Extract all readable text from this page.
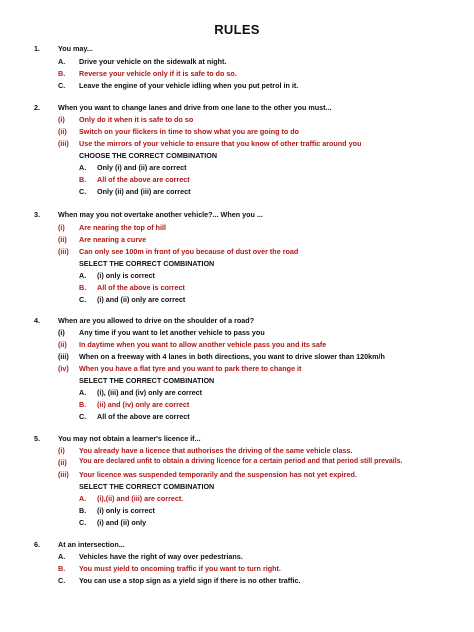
RULES
1.	You may...
A. Drive your vehicle on the sidewalk at night.
B. Reverse your vehicle only if it is safe to do so.
C. Leave the engine of your vehicle idling when you put petrol in it.
2.	When you want to change lanes and drive from one lane to the other you must...
(i) Only do it when it is safe to do so
(ii) Switch on your flickers in time to show what you are going to do
(iii) Use the mirrors of your vehicle to ensure that you know of other traffic around you
CHOOSE THE CORRECT COMBINATION
A. Only (i) and (ii) are correct
B. All of the above are correct
C. Only (ii) and (iii) are correct
3.	When may you not overtake another vehicle?... When you ...
(i) Are nearing the top of hill
(ii) Are nearing a curve
(iii) Can only see 100m in front of you because of dust over the road
SELECT THE CORRECT COMBINATION
A. (i) only is correct
B. All of the above is correct
C. (i) and (ii) only are correct
4.	When are you allowed to drive on the shoulder of a road?
(i) Any time if you want to let another vehicle to pass you
(ii) In daytime when you want to allow another vehicle pass you and its safe
(iii) When on a freeway with 4 lanes in both directions, you want to drive slower than 120km/h
(iv) When you have a flat tyre and you want to park there to change it
SELECT THE CORRECT COMBINATION
A. (i), (iii) and (iv) only are correct
B. (ii) and (iv) only are correct
C. All of the above are correct
5.	You may not obtain a learner's licence if...
(i) You already have a licence that authorises the driving of the same vehicle class.
(ii) You are declared unfit to obtain a driving licence for a certain period and that period still prevails.
(iii) Your licence was suspended temporarily and the suspension has not yet expired.
SELECT THE CORRECT COMBINATION
A. (i),(ii) and (iii) are correct.
B. (i) only is correct
C. (i) and (ii) only
6.	At an intersection...
A. Vehicles have the right of way over pedestrians.
B. You must yield to oncoming traffic if you want to turn right.
C. You can use a stop sign as a yield sign if there is no other traffic.
